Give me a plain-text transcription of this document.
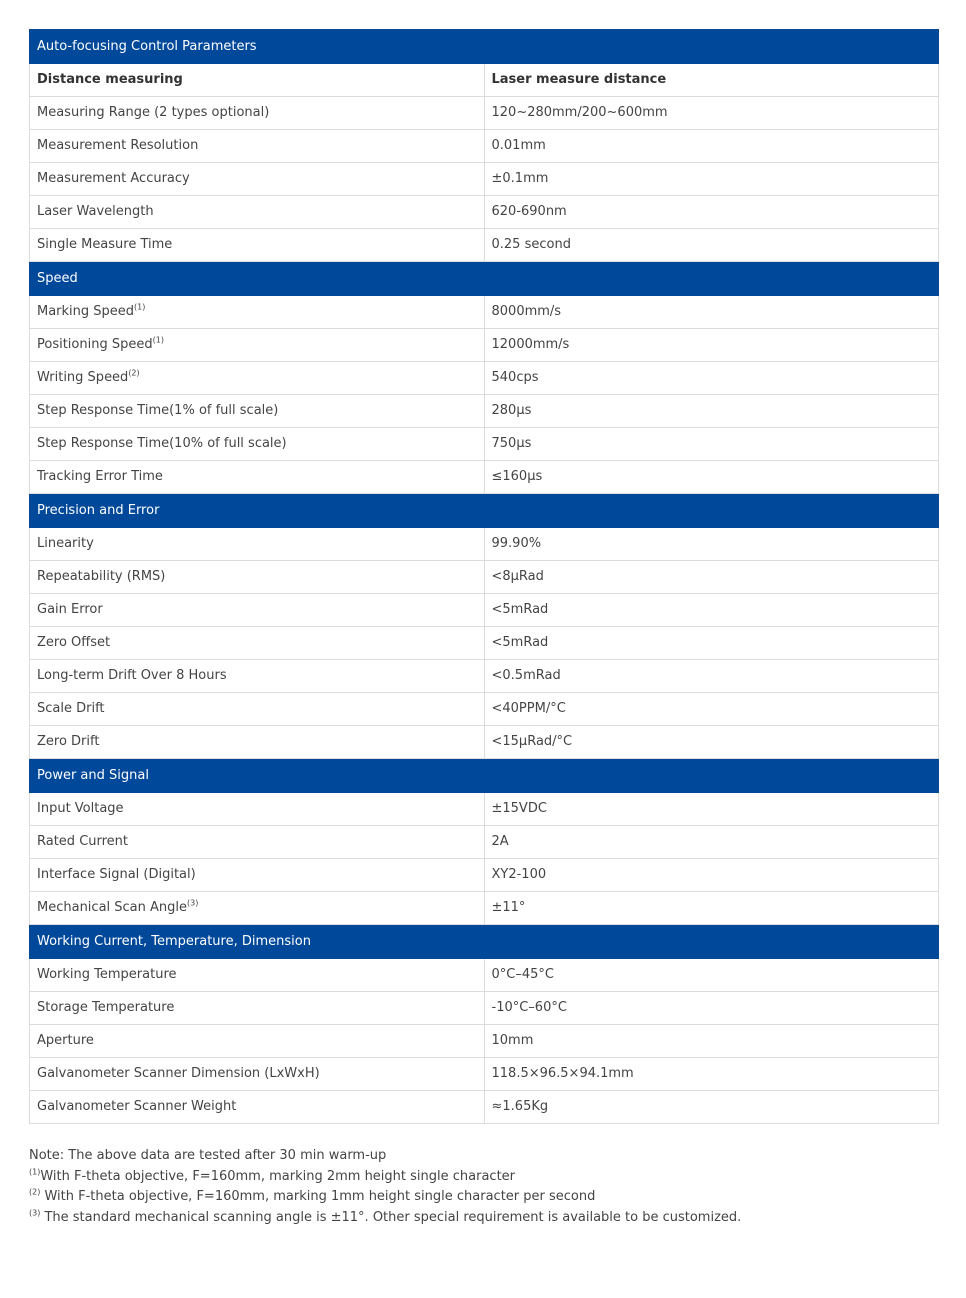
Auto-focusing Control Parameters	
Distance measuring	Laser measure distance
Measuring Range (2 types optional)	120~280mm/200~600mm
Measurement Resolution	0.01mm
Measurement Accuracy	±0.1mm
Laser Wavelength	620-690nm
Single Measure Time	0.25 second
Speed	
Marking Speed$^{(1)}$	8000mm/s
Positioning Speed$^{(1)}$	12000mm/s
Writing Speed$^{(2)}$	540cps
Step Response Time(1% of full scale)	280μs
Step Response Time(10% of full scale)	750μs
Tracking Error Time	≤160μs
Precision and Error	
Linearity	99.90%
Repeatability (RMS)	<8μRad
Gain Error	<5mRad
Zero Offset	<5mRad
Long-term Drift Over 8 Hours	<0.5mRad
Scale Drift	<40PPM/°C
Zero Drift	<15μRad/°C
Power and Signal	
Input Voltage	±15VDC
Rated Current	2A
Interface Signal (Digital)	XY2-100
Mechanical Scan Angle$^{(3)}$	±11°
Working Current, Temperature, Dimension	
Working Temperature	0°C–45°C
Storage Temperature	-10°C–60°C
Aperture	10mm
Galvanometer Scanner Dimension (LxWxH)	118.5×96.5×94.1mm
Galvanometer Scanner Weight	≈1.65Kg
Note: The above data are tested after 30 min warm-up
$^{(1)}$With F-theta objective, F=160mm, marking 2mm height single character
$^{(2)}$ With F-theta objective, F=160mm, marking 1mm height single character per second
$^{(3)}$ The standard mechanical scanning angle is ±11°. Other special requirement is available to be customized.
